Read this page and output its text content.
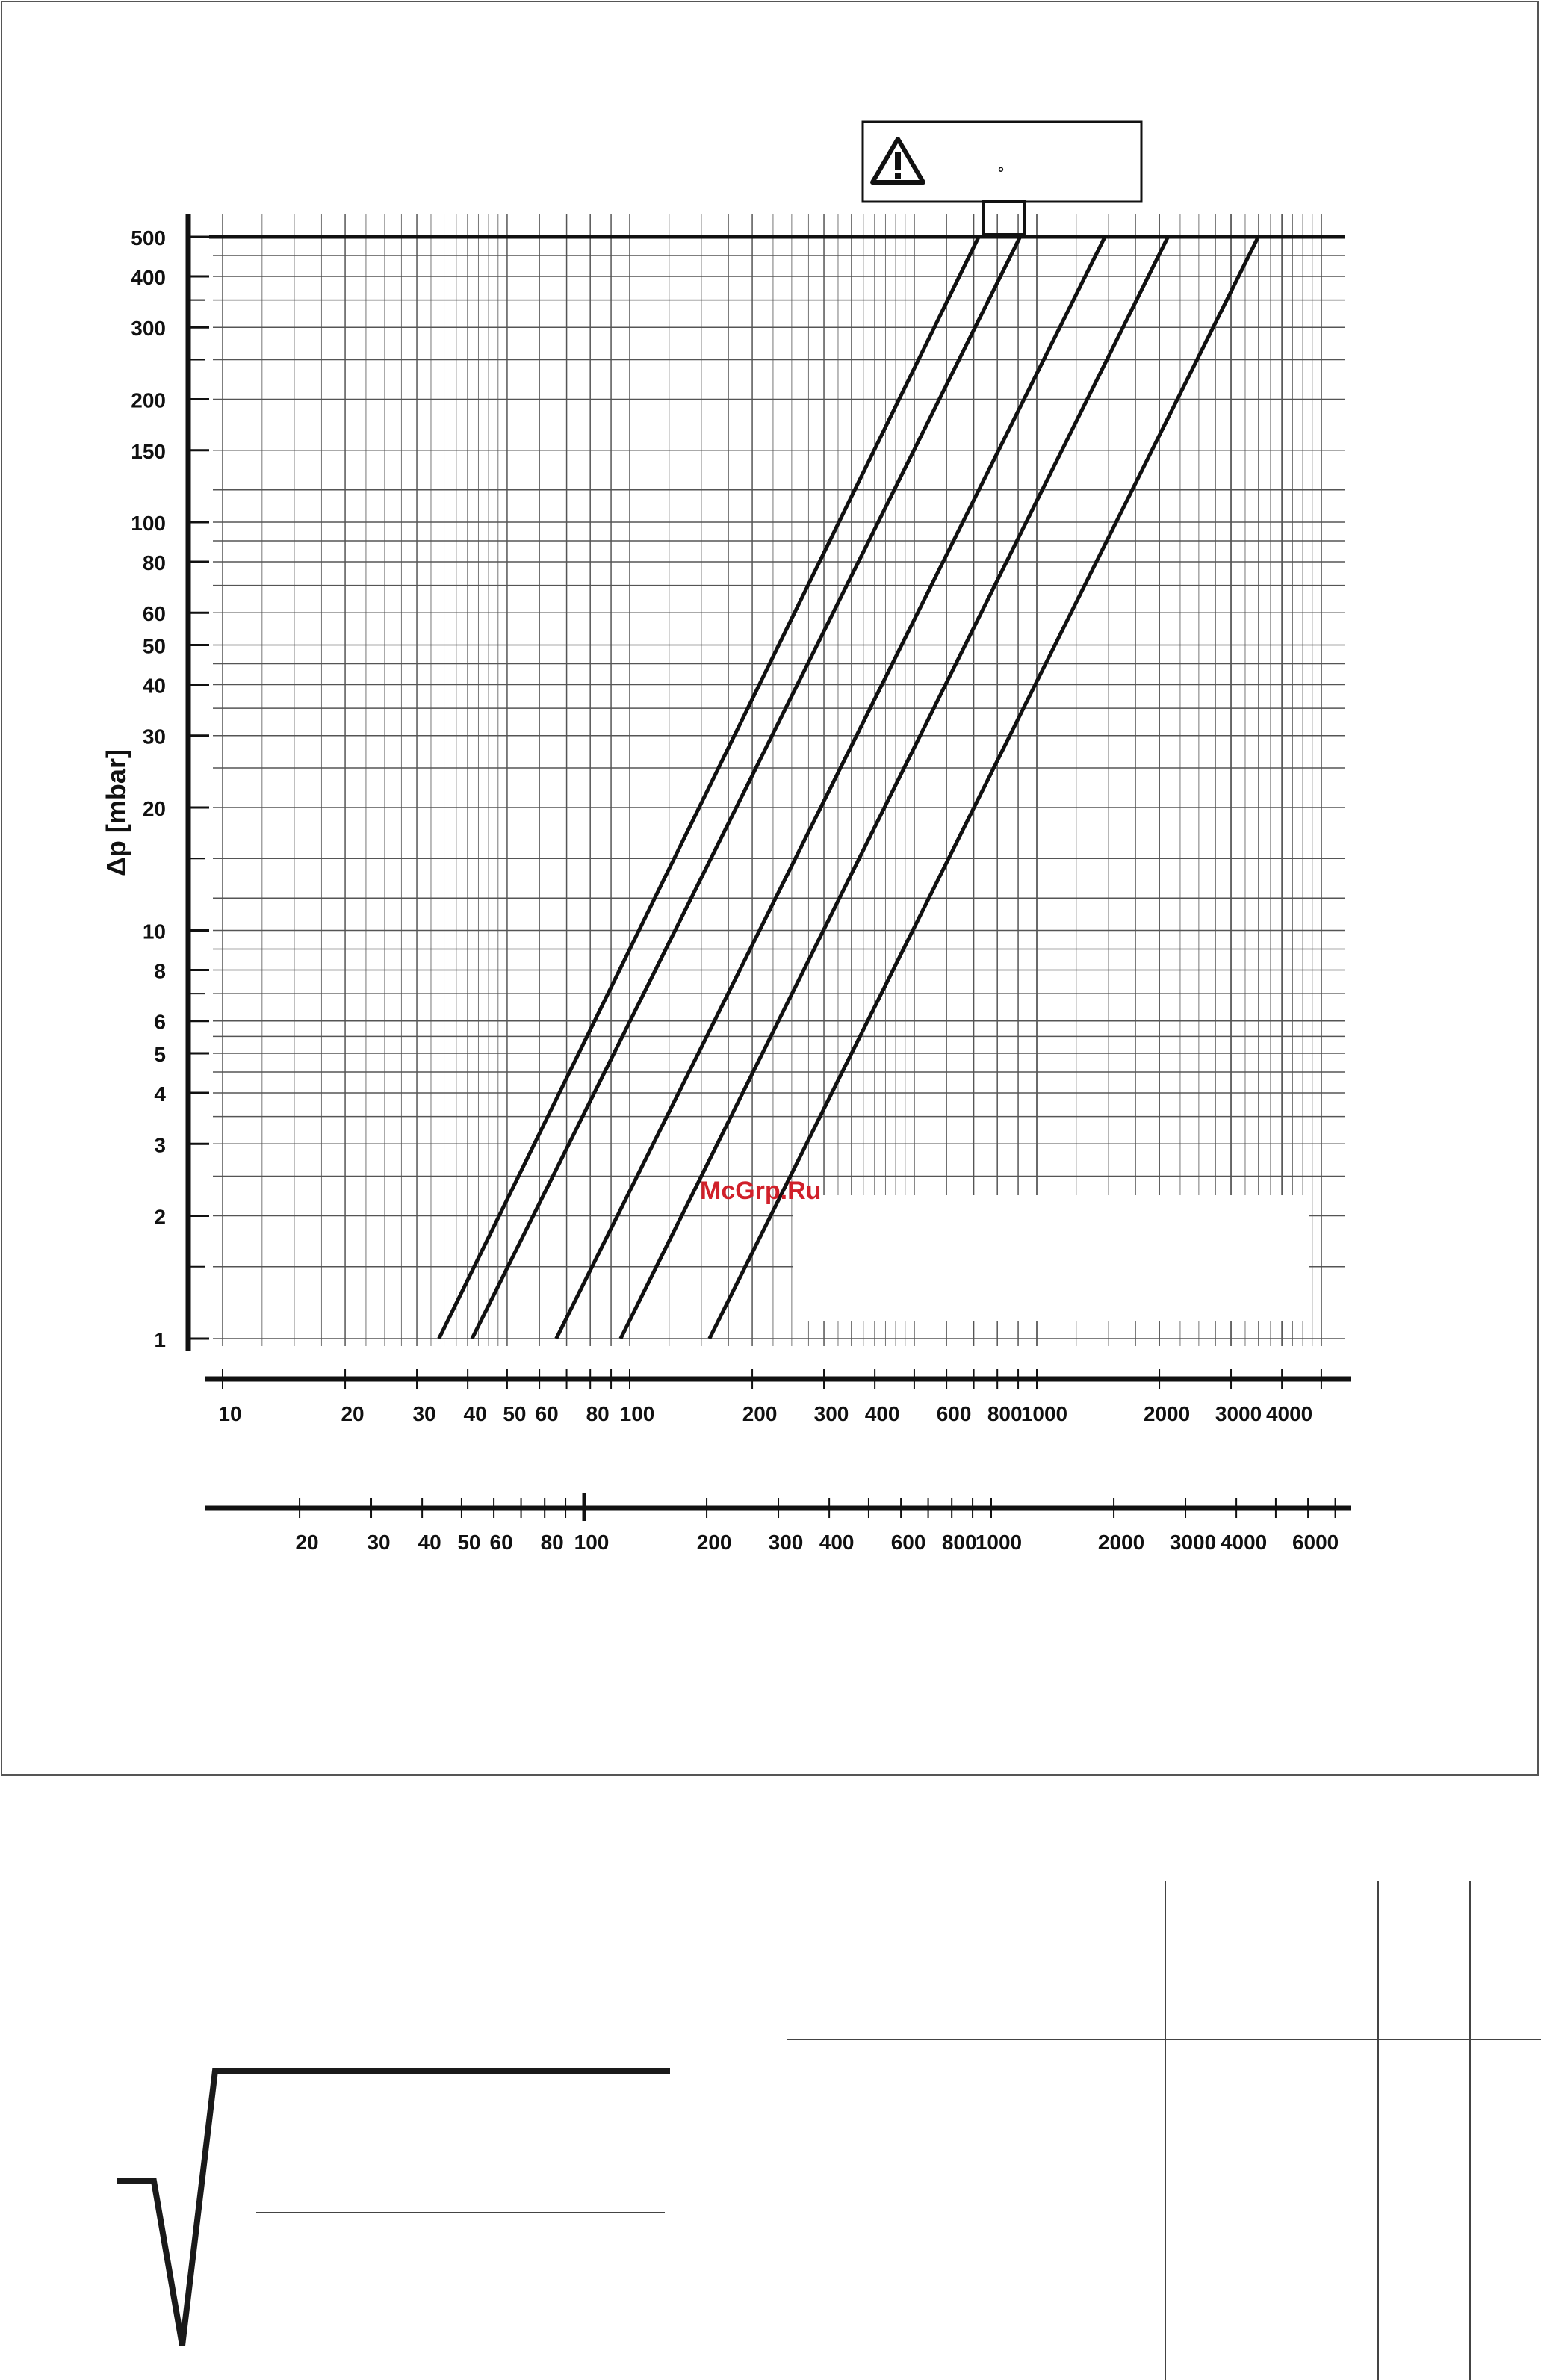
1
2
3
4
5
6
8
10
20
30
40
50
60
80
100
150
200
300
400
500
10	20 30 40 50 60 80 100	200 300 400 600 800
1000	2000 3000 4000
20 30 40 50 60 80 100	200 300 400 600 800
1000	2000 3000 4000 6000
°
Δp [mbar]
McGrp.Ru
